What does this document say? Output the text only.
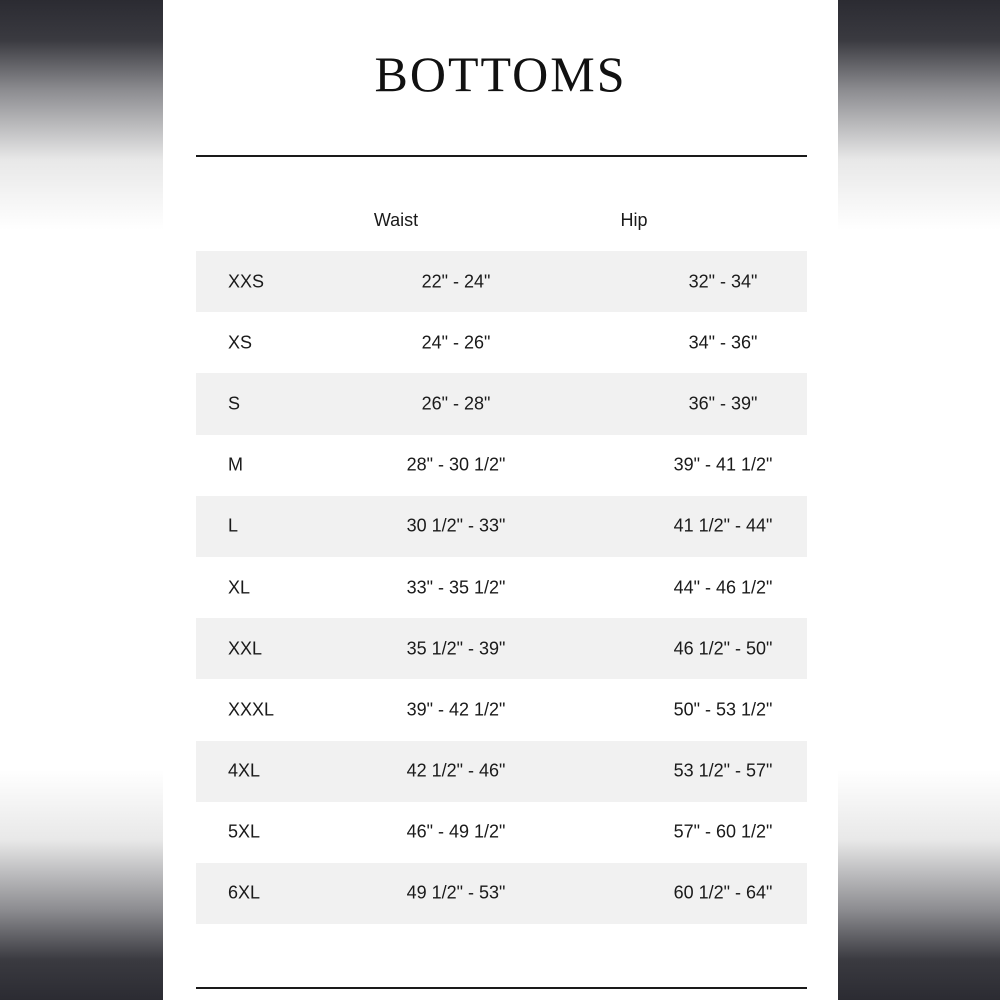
BOTTOMS
Waist	Hip
XXS	22" - 24"	32" - 34"
XS	24" - 26"	34" - 36"
S	26" - 28"	36" - 39"
M	28" - 30 1/2"	39" - 41 1/2"
L	30 1/2" - 33"	41 1/2" - 44"
XL	33" - 35 1/2"	44" - 46 1/2"
XXL	35 1/2" - 39"	46 1/2" - 50"
XXXL	39" - 42 1/2"	50" - 53 1/2"
4XL	42 1/2" - 46"	53 1/2" - 57"
5XL	46" - 49 1/2"	57" - 60 1/2"
6XL	49 1/2" - 53"	60 1/2" - 64"
